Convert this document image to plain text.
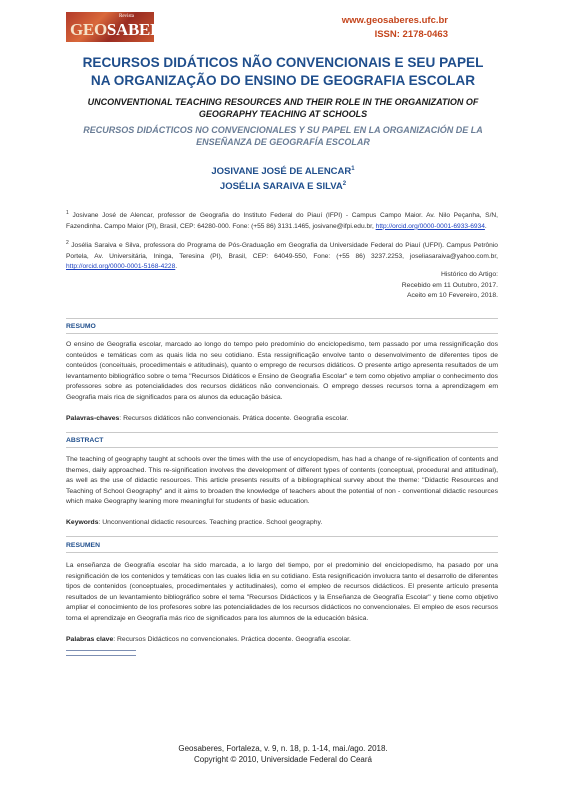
Revista
GEOSABERES	www.geosaberes.ufc.br
ISSN: 2178-0463
RECURSOS DIDÁTICOS NÃO CONVENCIONAIS E SEU PAPEL
NA ORGANIZAÇÃO DO ENSINO DE GEOGRAFIA ESCOLAR
UNCONVENTIONAL TEACHING RESOURCES AND THEIR ROLE IN THE ORGANIZATION OF
GEOGRAPHY TEACHING AT SCHOOLS
RECURSOS DIDÁCTICOS NO CONVENCIONALES Y SU PAPEL EN LA ORGANIZACIÓN DE LA
ENSEÑANZA DE GEOGRAFÍA ESCOLAR
JOSIVANE JOSÉ DE ALENCAR$^1$
JOSÉLIA SARAIVA E SILVA$^2$
$^1$ Josivane José de Alencar, professor de Geografia do Instituto Federal do Piauí (IFPI) - Campus Campo Maior. Av. Nilo Peçanha, S/N, Fazendinha. Campo Maior (PI), Brasil, CEP: 64280-000. Fone: (+55 86) 3131.1465, josivane@ifpi.edu.br, http://orcid.org/0000-0001-6933-6934.
$^2$ Josélia Saraiva e Silva, professora do Programa de Pós-Graduação em Geografia da Universidade Federal do Piauí (UFPI). Campus Petrônio Portela, Av. Universitária, Ininga, Teresina (PI), Brasil, CEP: 64049-550, Fone: (+55 86) 3237.2253, joseliasaraiva@yahoo.com.br, http://orcid.org/0000-0001-5168-4228.
Histórico do Artigo:
Recebido em 11 Outubro, 2017.
Aceito em 10 Fevereiro, 2018.
RESUMO
O ensino de Geografia escolar, marcado ao longo do tempo pelo predomínio do enciclopedismo, tem passado por uma ressignificação dos conteúdos e temáticas com as quais lida no seu cotidiano. Esta ressignificação envolve tanto o desenvolvimento de diferentes tipos de conteúdos (conceituais, procedimentais e atitudinais), quanto o emprego de recursos didáticos. O presente artigo apresenta resultados de um levantamento bibliográfico sobre o tema "Recursos Didáticos e Ensino de Geografia Escolar" e tem como objetivo ampliar o conhecimento dos professores sobre as potencialidades dos recursos didáticos não convencionais. O emprego desses recursos torna a aprendizagem em Geografia mais rica de significados para os alunos da educação básica.
Palavras-chaves: Recursos didáticos não convencionais. Prática docente. Geografia escolar.
ABSTRACT
The teaching of geography taught at schools over the times with the use of encyclopedism, has had a change of re-signification of contents and themes, daily approached. This re-signification involves the development of different types of contents (conceptual, procedural and attitudinal), as well as the use of didactic resources. This article presents results of a bibliographical survey about the theme: "Didactic Resources and Teaching of School Geography" and it aims to broaden the knowledge of teachers about the potential of non - conventional didactic resources which make Geography leaning more meaningful for students of basic education.
Keywords: Unconventional didactic resources. Teaching practice. School geography.
RESUMEN
La enseñanza de Geografía escolar ha sido marcada, a lo largo del tiempo, por el predominio del enciclopedismo, ha pasado por una resignificación de los contenidos y temáticas con las cuales lidia en su cotidiano. Esta resignificación involucra tanto el desarrollo de diferentes tipos de contenidos (conceptuales, procedimentales y actitudinales), como el empleo de recursos didácticos. El presente artículo presenta resultados de un levantamiento bibliográfico sobre el tema "Recursos Didácticos y la Enseñanza de Geografía Escolar" y tiene como objetivo ampliar el conocimiento de los profesores sobre las potencialidades de los recursos didácticos no convencionales. El empleo de esos recursos torna el aprendizaje en Geografía más rico de significados para los alumnos de la educación básica.
Palabras clave: Recursos Didácticos no convencionales. Práctica docente. Geografía escolar.
Geosaberes, Fortaleza, v. 9, n. 18, p. 1-14, mai./ago. 2018.
Copyright © 2010, Universidade Federal do Ceará
